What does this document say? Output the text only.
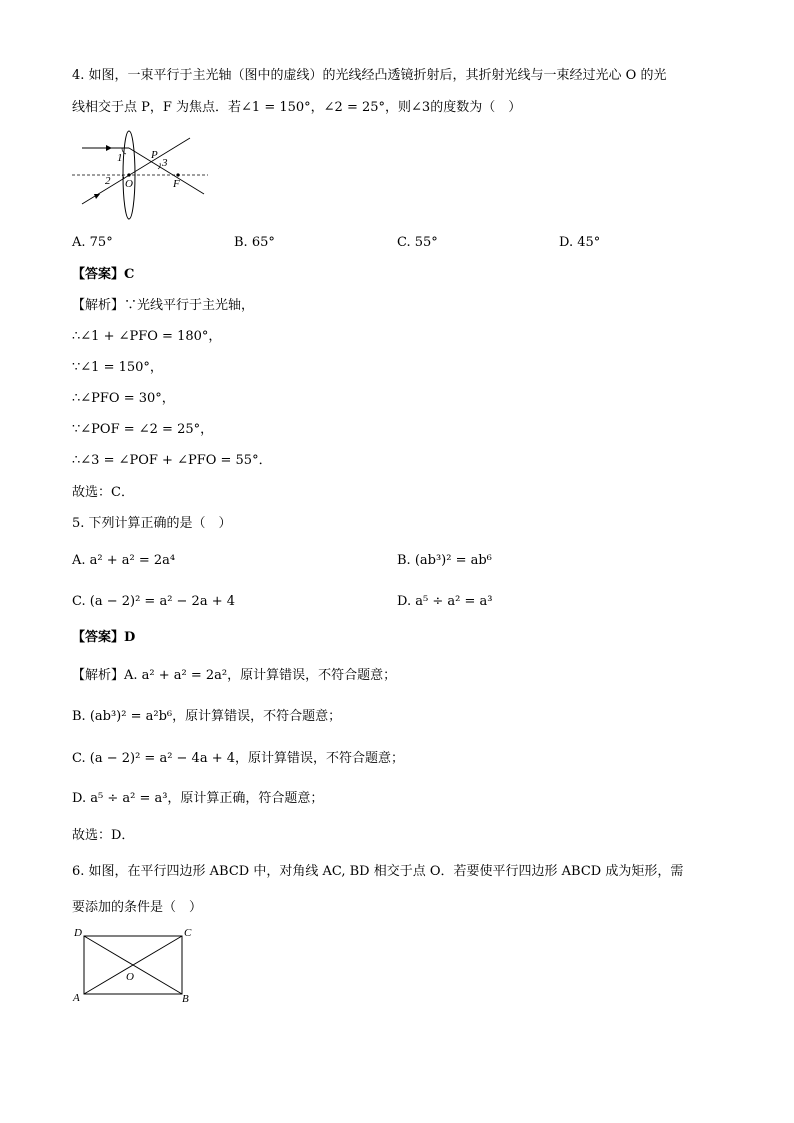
4. 如图，一束平行于主光轴（图中的虚线）的光线经凸透镜折射后，其折射光线与一束经过光心 O 的光
线相交于点 P，F 为焦点．若∠1 = 150°，∠2 = 25°，则∠3的度数为（　）
1
2
3
P
O	F
A. 75°	B. 65°	C. 55°	D. 45°
【答案】C
【解析】∵光线平行于主光轴，
∴∠1 + ∠PFO = 180°，
∵∠1 = 150°，
∴∠PFO = 30°，
∵∠POF = ∠2 = 25°，
∴∠3 = ∠POF + ∠PFO = 55°．
故选：C．
5. 下列计算正确的是（　）
A. a² + a² = 2a⁴	B. (ab³)² = ab⁶
C. (a − 2)² = a² − 2a + 4	D. a⁵ ÷ a² = a³
【答案】D
【解析】A. a² + a² = 2a²，原计算错误，不符合题意；
B. (ab³)² = a²b⁶，原计算错误，不符合题意；
C. (a − 2)² = a² − 4a + 4，原计算错误，不符合题意；
D. a⁵ ÷ a² = a³，原计算正确，符合题意；
故选：D．
6. 如图，在平行四边形 ABCD 中，对角线 AC, BD 相交于点 O．若要使平行四边形 ABCD 成为矩形，需
要添加的条件是（　）
D	C
A	B
O
